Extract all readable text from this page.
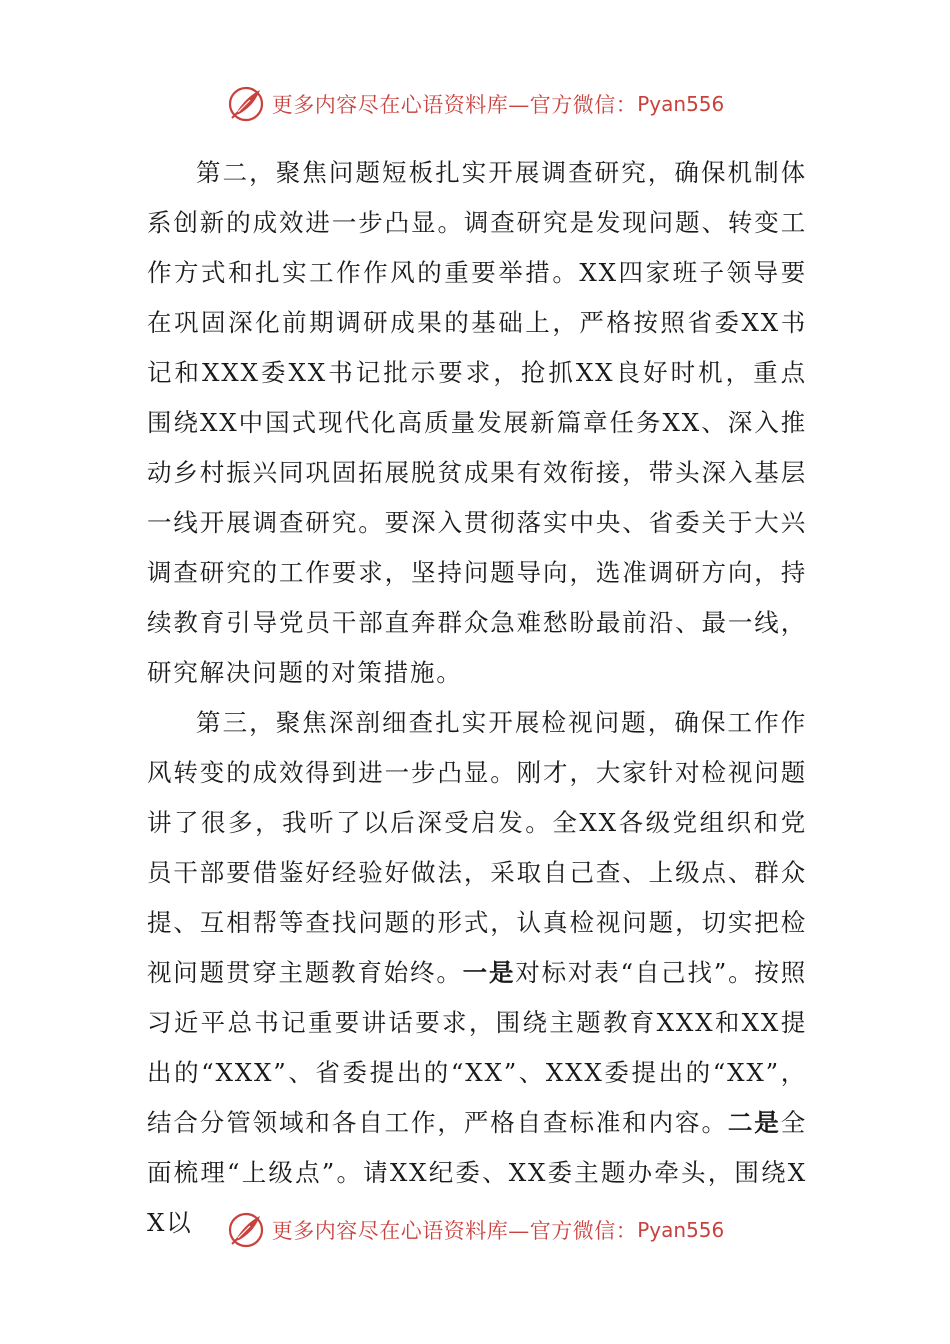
更多内容尽在心语资料库—官方微信： Pyan556

第二，聚焦问题短板扎实开展调查研究，确保机制体系创新的成效进一步凸显。调查研究是发现问题、转变工作方式和扎实工作作风的重要举措。XX四家班子领导要在巩固深化前期调研成果的基础上，严格按照省委XX书记和XXX委XX书记批示要求，抢抓XX良好时机，重点围绕XX中国式现代化高质量发展新篇章任务XX、深入推动乡村振兴同巩固拓展脱贫成果有效衔接，带头深入基层一线开展调查研究。要深入贯彻落实中央、省委关于大兴调查研究的工作要求，坚持问题导向，选准调研方向，持续教育引导党员干部直奔群众急难愁盼最前沿、最一线，研究解决问题的对策措施。

第三，聚焦深剖细查扎实开展检视问题，确保工作作风转变的成效得到进一步凸显。刚才，大家针对检视问题讲了很多，我听了以后深受启发。全XX各级党组织和党员干部要借鉴好经验好做法，采取自己查、上级点、群众提、互相帮等查找问题的形式，认真检视问题，切实把检视问题贯穿主题教育始终。一是对标对表“自己找”。按照习近平总书记重要讲话要求，围绕主题教育XXX和XX提出的“XXX”、省委提出的“XX”、XXX委提出的“XX”，结合分管领域和各自工作，严格自查标准和内容。二是全面梳理“上级点”。请XX纪委、XX委主题办牵头，围绕XX以	更多内容尽在心语资料库—官方微信： Pyan556
